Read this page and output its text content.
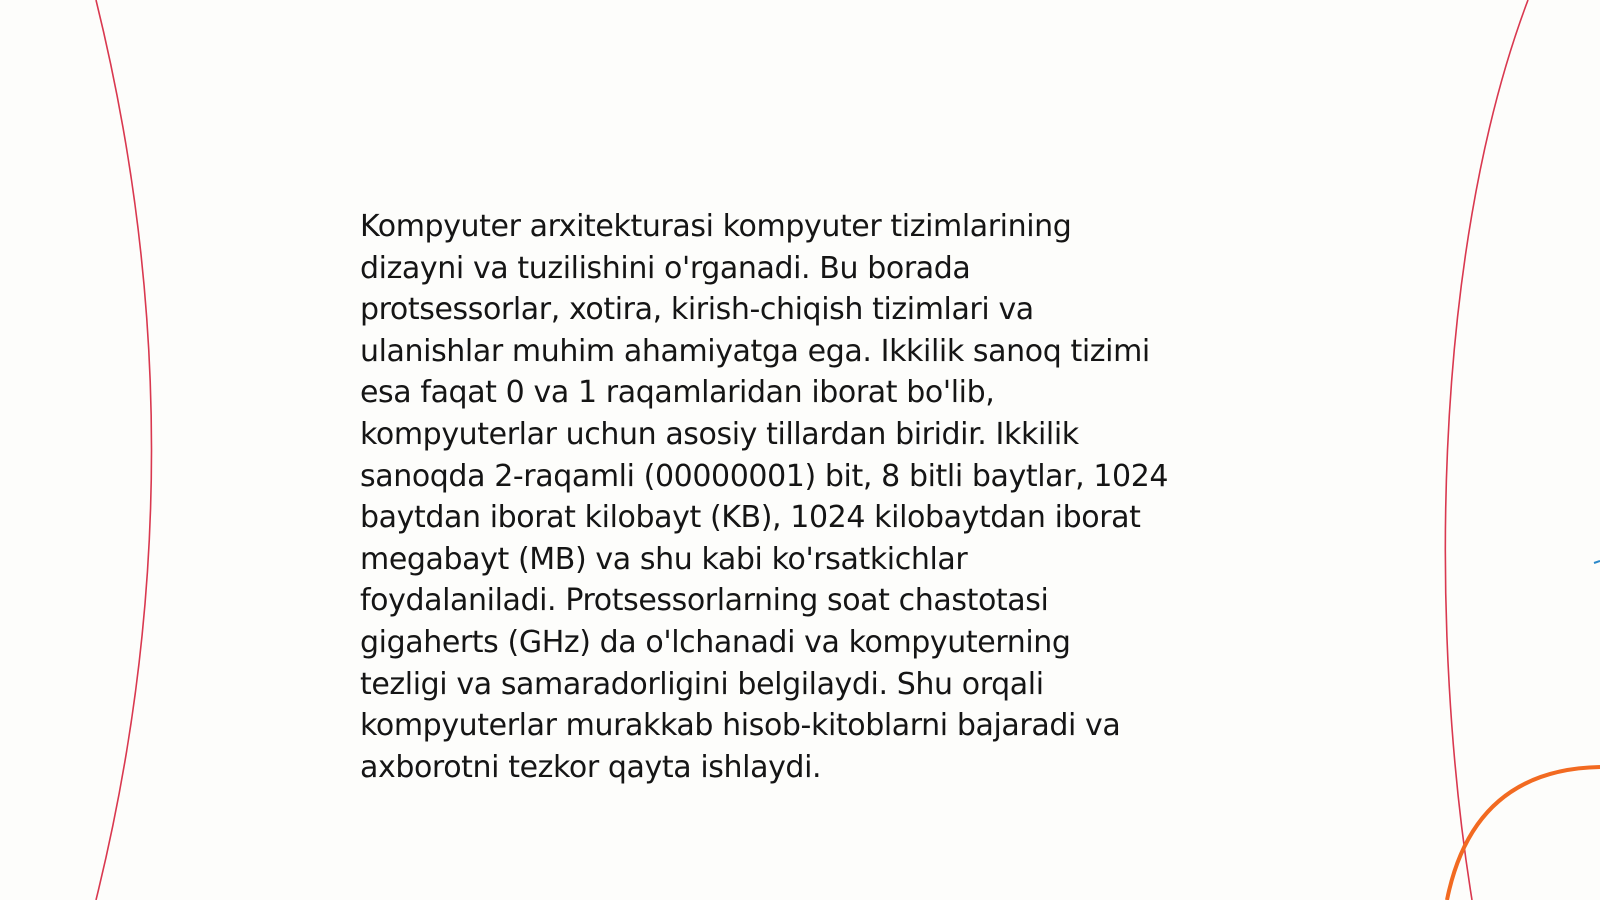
Kompyuter arxitekturasi kompyuter tizimlarining
dizayni va tuzilishini o'rganadi. Bu borada
protsessorlar, xotira, kirish-chiqish tizimlari va
ulanishlar muhim ahamiyatga ega. Ikkilik sanoq tizimi
esa faqat 0 va 1 raqamlaridan iborat bo'lib,
kompyuterlar uchun asosiy tillardan biridir. Ikkilik
sanoqda 2-raqamli (00000001) bit, 8 bitli baytlar, 1024
baytdan iborat kilobayt (KB), 1024 kilobaytdan iborat
megabayt (MB) va shu kabi ko'rsatkichlar
foydalaniladi. Protsessorlarning soat chastotasi
gigaherts (GHz) da o'lchanadi va kompyuterning
tezligi va samaradorligini belgilaydi. Shu orqali
kompyuterlar murakkab hisob-kitoblarni bajaradi va
axborotni tezkor qayta ishlaydi.
